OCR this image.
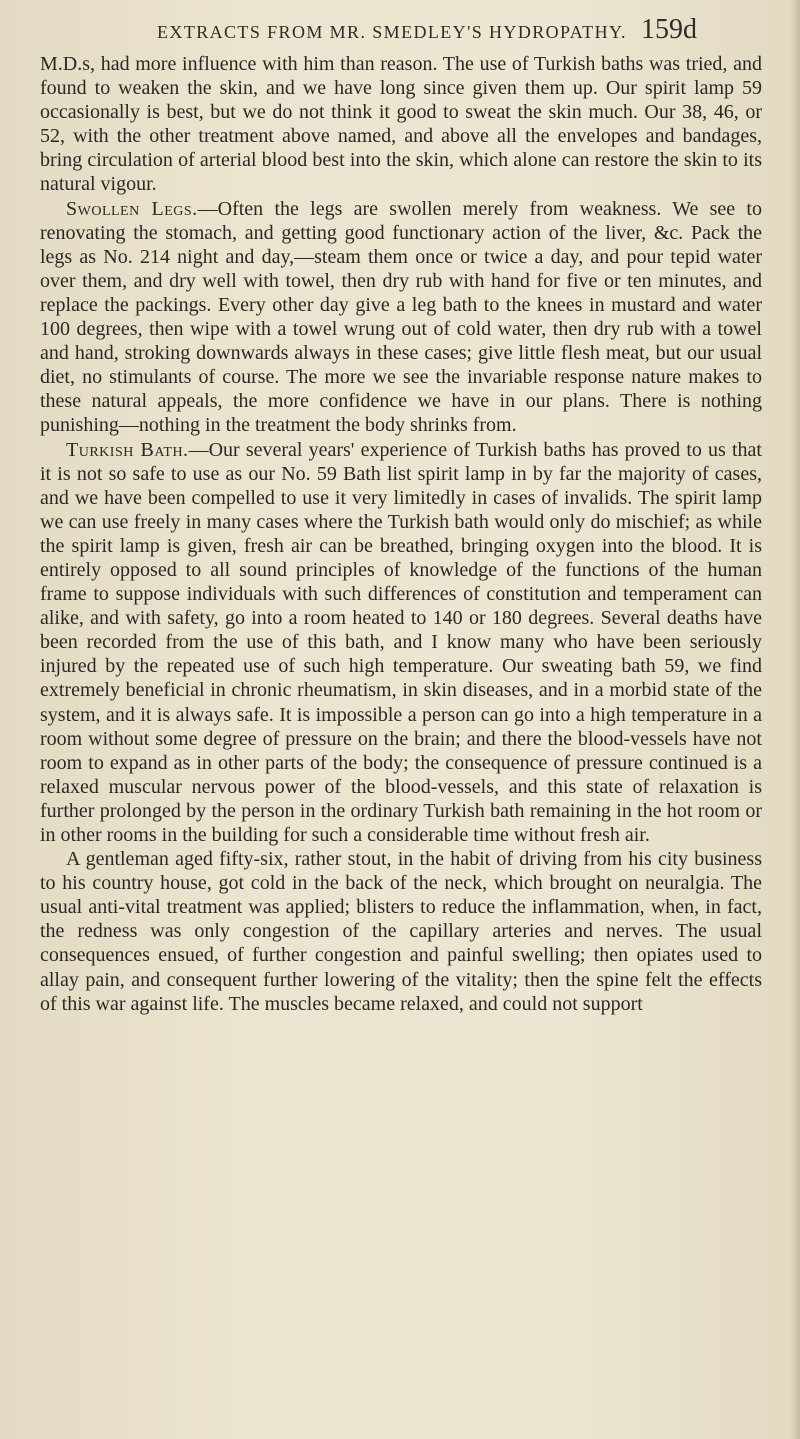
EXTRACTS FROM MR. SMEDLEY'S HYDROPATHY. 159d

M.D.s, had more influence with him than reason. The use of Turkish baths was tried, and found to weaken the skin, and we have long since given them up. Our spirit lamp 59 occasionally is best, but we do not think it good to sweat the skin much. Our 38, 46, or 52, with the other treatment above named, and above all the envelopes and bandages, bring circulation of arterial blood best into the skin, which alone can restore the skin to its natural vigour.

Swollen Legs.—Often the legs are swollen merely from weakness. We see to renovating the stomach, and getting good functionary action of the liver, &c. Pack the legs as No. 214 night and day,—steam them once or twice a day, and pour tepid water over them, and dry well with towel, then dry rub with hand for five or ten minutes, and replace the packings. Every other day give a leg bath to the knees in mustard and water 100 degrees, then wipe with a towel wrung out of cold water, then dry rub with a towel and hand, stroking downwards always in these cases; give little flesh meat, but our usual diet, no stimulants of course. The more we see the invariable response nature makes to these natural appeals, the more confidence we have in our plans. There is nothing punishing—nothing in the treatment the body shrinks from.

Turkish Bath.—Our several years' experience of Turkish baths has proved to us that it is not so safe to use as our No. 59 Bath list spirit lamp in by far the majority of cases, and we have been compelled to use it very limitedly in cases of invalids. The spirit lamp we can use freely in many cases where the Turkish bath would only do mischief; as while the spirit lamp is given, fresh air can be breathed, bringing oxygen into the blood. It is entirely opposed to all sound principles of knowledge of the functions of the human frame to suppose individuals with such differences of constitution and temperament can alike, and with safety, go into a room heated to 140 or 180 degrees. Several deaths have been recorded from the use of this bath, and I know many who have been seriously injured by the repeated use of such high temperature. Our sweating bath 59, we find extremely beneficial in chronic rheumatism, in skin diseases, and in a morbid state of the system, and it is always safe. It is impossible a person can go into a high temperature in a room without some degree of pressure on the brain; and there the blood-vessels have not room to expand as in other parts of the body; the consequence of pressure continued is a relaxed muscular nervous power of the blood-vessels, and this state of relaxation is further prolonged by the person in the ordinary Turkish bath remaining in the hot room or in other rooms in the building for such a considerable time without fresh air.

A gentleman aged fifty-six, rather stout, in the habit of driving from his city business to his country house, got cold in the back of the neck, which brought on neuralgia. The usual anti-vital treatment was applied; blisters to reduce the inflammation, when, in fact, the redness was only congestion of the capillary arteries and nerves. The usual consequences ensued, of further congestion and painful swelling; then opiates used to allay pain, and consequent further lowering of the vitality; then the spine felt the effects of this war against life. The muscles became relaxed, and could not support
